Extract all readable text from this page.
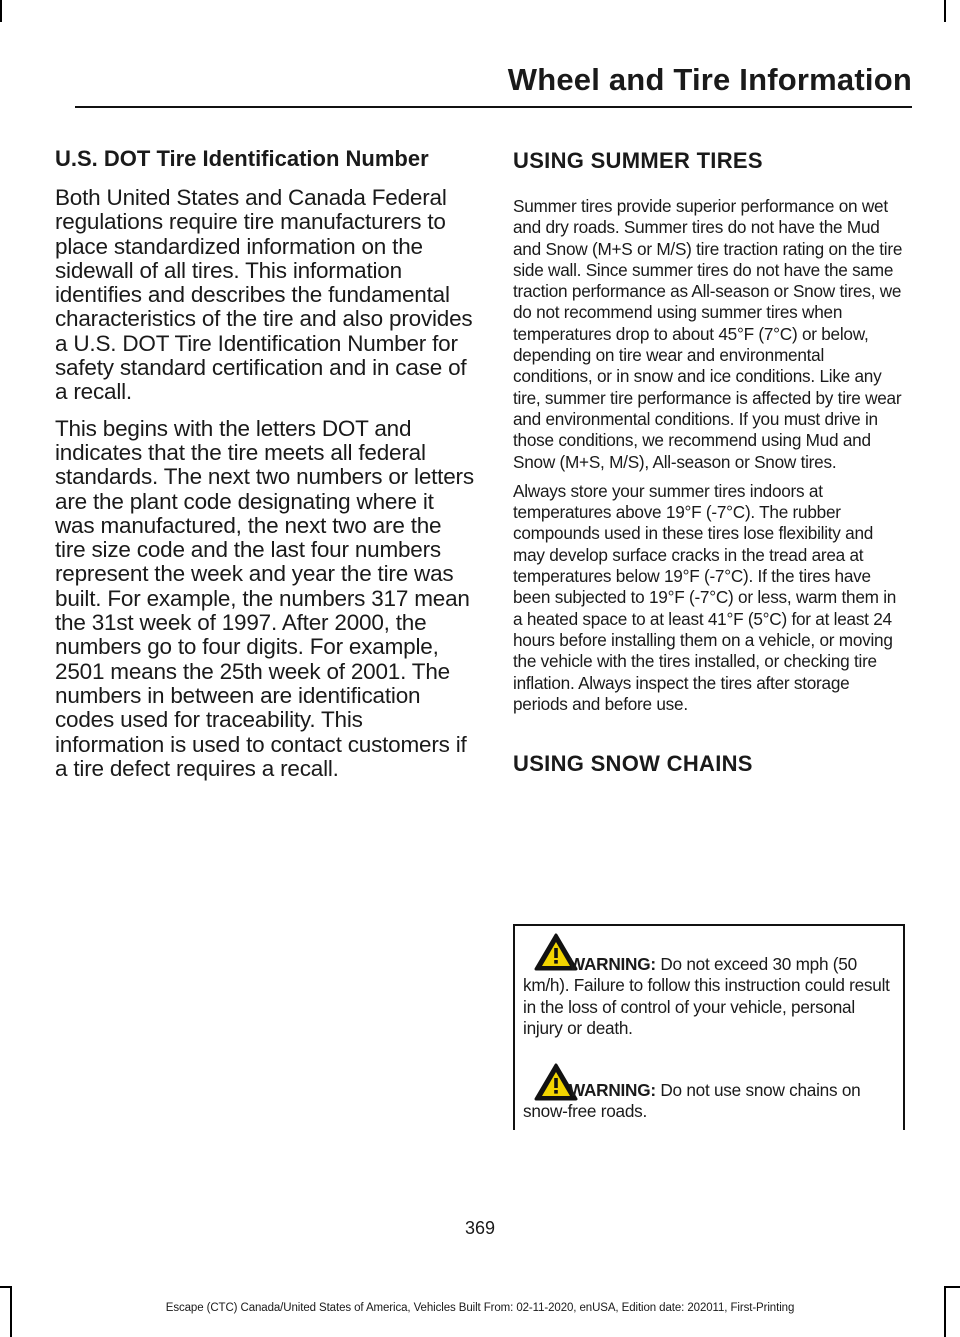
Wheel and Tire Information
U.S. DOT Tire Identification Number

Both United States and Canada Federal regulations require tire manufacturers to place standardized information on the sidewall of all tires. This information identifies and describes the fundamental characteristics of the tire and also provides a U.S. DOT Tire Identification Number for safety standard certification and in case of a recall.

This begins with the letters DOT and indicates that the tire meets all federal standards. The next two numbers or letters are the plant code designating where it was manufactured, the next two are the tire size code and the last four numbers represent the week and year the tire was built. For example, the numbers 317 mean the 31st week of 1997. After 2000, the numbers go to four digits. For example, 2501 means the 25th week of 2001. The numbers in between are identification codes used for traceability. This information is used to contact customers if a tire defect requires a recall.

USING SUMMER TIRES

Summer tires provide superior performance on wet and dry roads. Summer tires do not have the Mud and Snow (M+S or M/S) tire traction rating on the tire side wall. Since summer tires do not have the same traction performance as All-season or Snow tires, we do not recommend using summer tires when temperatures drop to about 45°F (7°C) or below, depending on tire wear and environmental conditions, or in snow and ice conditions. Like any tire, summer tire performance is affected by tire wear and environmental conditions. If you must drive in those conditions, we recommend using Mud and Snow (M+S, M/S), All-season or Snow tires.

Always store your summer tires indoors at temperatures above 19°F (-7°C). The rubber compounds used in these tires lose flexibility and may develop surface cracks in the tread area at temperatures below 19°F (-7°C). If the tires have been subjected to 19°F (-7°C) or less, warm them in a heated space to at least 41°F (5°C) for at least 24 hours before installing them on a vehicle, or moving the vehicle with the tires installed, or checking tire inflation. Always inspect the tires after storage periods and before use.

USING SNOW CHAINS
WARNING: Do not exceed 30 mph (50 km/h). Failure to follow this instruction could result in the loss of control of your vehicle, personal injury or death.
WARNING: Do not use snow chains on snow-free roads.
369
Escape (CTC) Canada/United States of America, Vehicles Built From: 02-11-2020, enUSA, Edition date: 202011, First-Printing
